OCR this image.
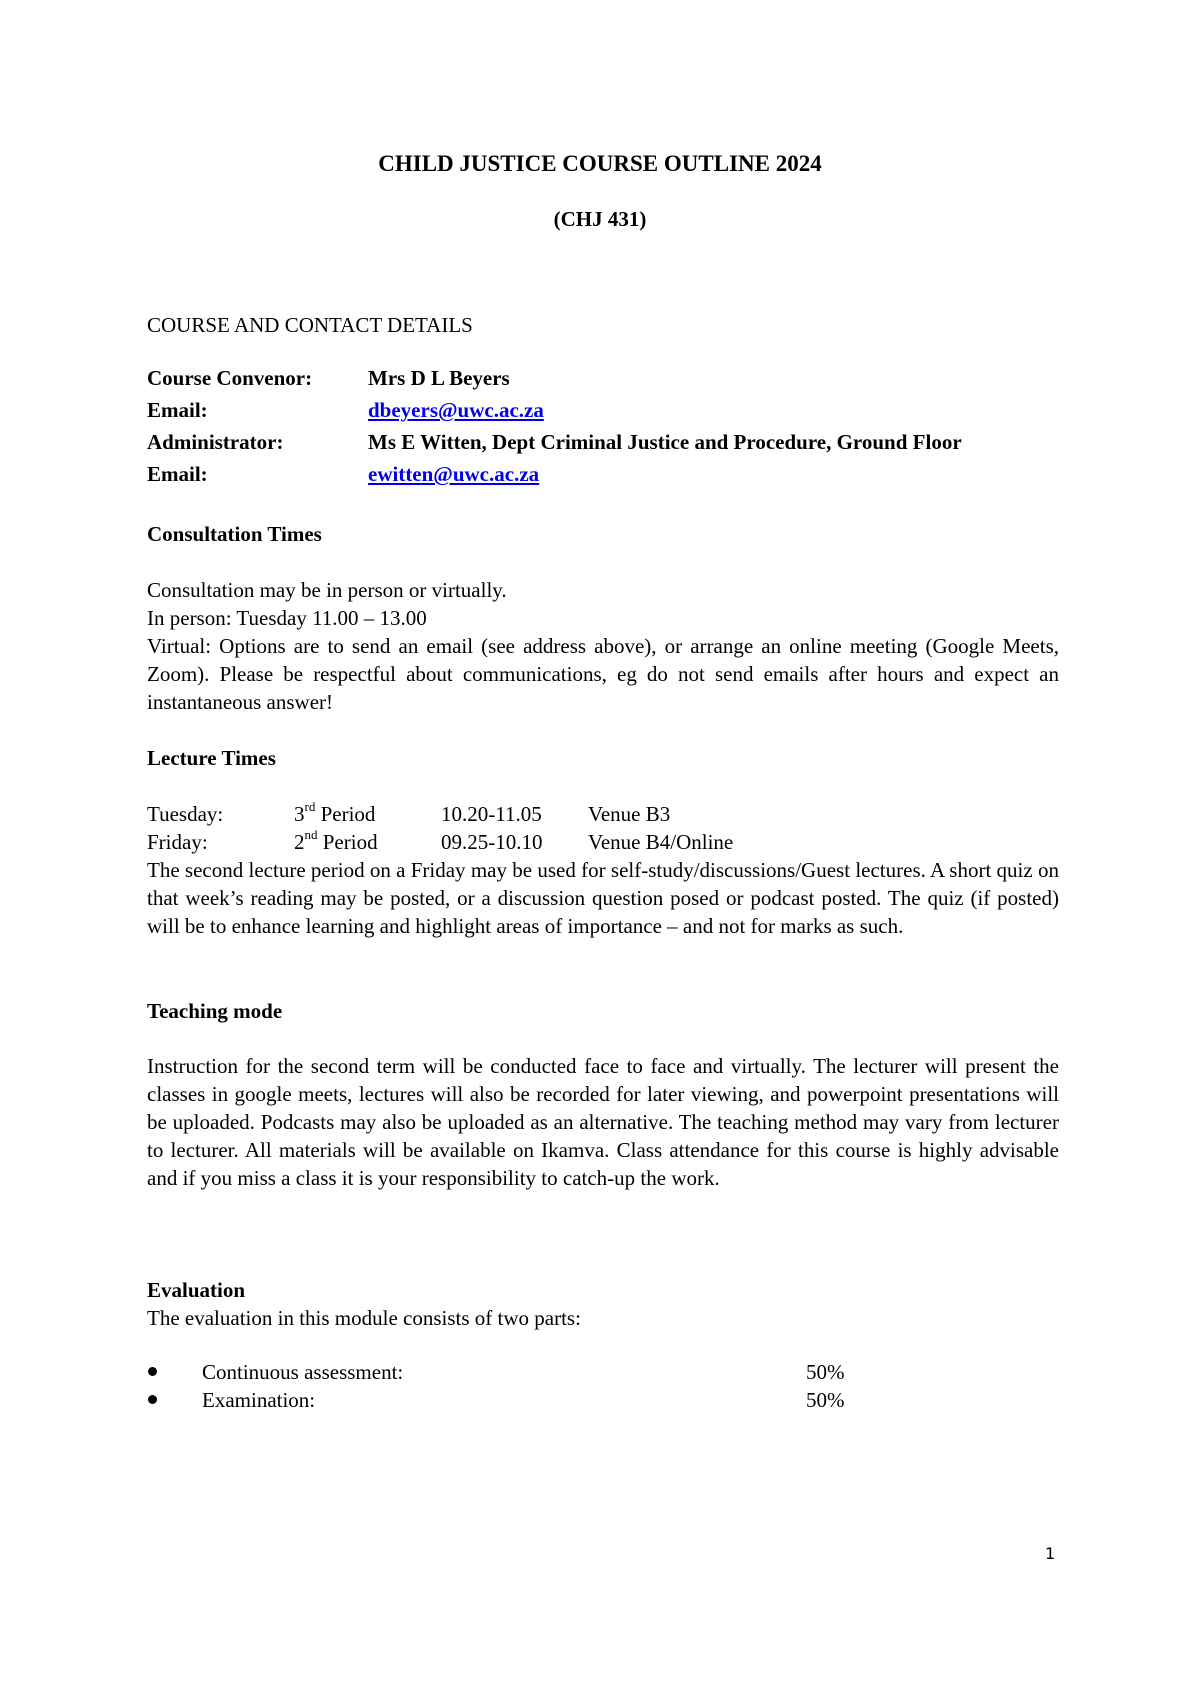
CHILD JUSTICE COURSE OUTLINE 2024
(CHJ 431)
COURSE AND CONTACT DETAILS
Course Convenor:	Mrs D L Beyers
Email:	dbeyers@uwc.ac.za
Administrator:	Ms E Witten, Dept Criminal Justice and Procedure, Ground Floor
Email:	ewitten@uwc.ac.za
Consultation Times
Consultation may be in person or virtually.
In person: Tuesday 11.00 – 13.00
Virtual: Options are to send an email (see address above), or arrange an online meeting (Google Meets, Zoom). Please be respectful about communications, eg do not send emails after hours and expect an instantaneous answer!
Lecture Times
Tuesday:	3rd Period	10.20-11.05 Venue B3
Friday:	2nd Period	09.25-10.10 Venue B4/Online
The second lecture period on a Friday may be used for self-study/discussions/Guest lectures. A short quiz on that week’s reading may be posted, or a discussion question posed or podcast posted. The quiz (if posted) will be to enhance learning and highlight areas of importance – and not for marks as such.
Teaching mode
Instruction for the second term will be conducted face to face and virtually. The lecturer will present the classes in google meets, lectures will also be recorded for later viewing, and powerpoint presentations will be uploaded. Podcasts may also be uploaded as an alternative. The teaching method may vary from lecturer to lecturer. All materials will be available on Ikamva. Class attendance for this course is highly advisable and if you miss a class it is your responsibility to catch-up the work.
Evaluation
The evaluation in this module consists of two parts:
Continuous assessment:	50%
Examination:	50%
1
